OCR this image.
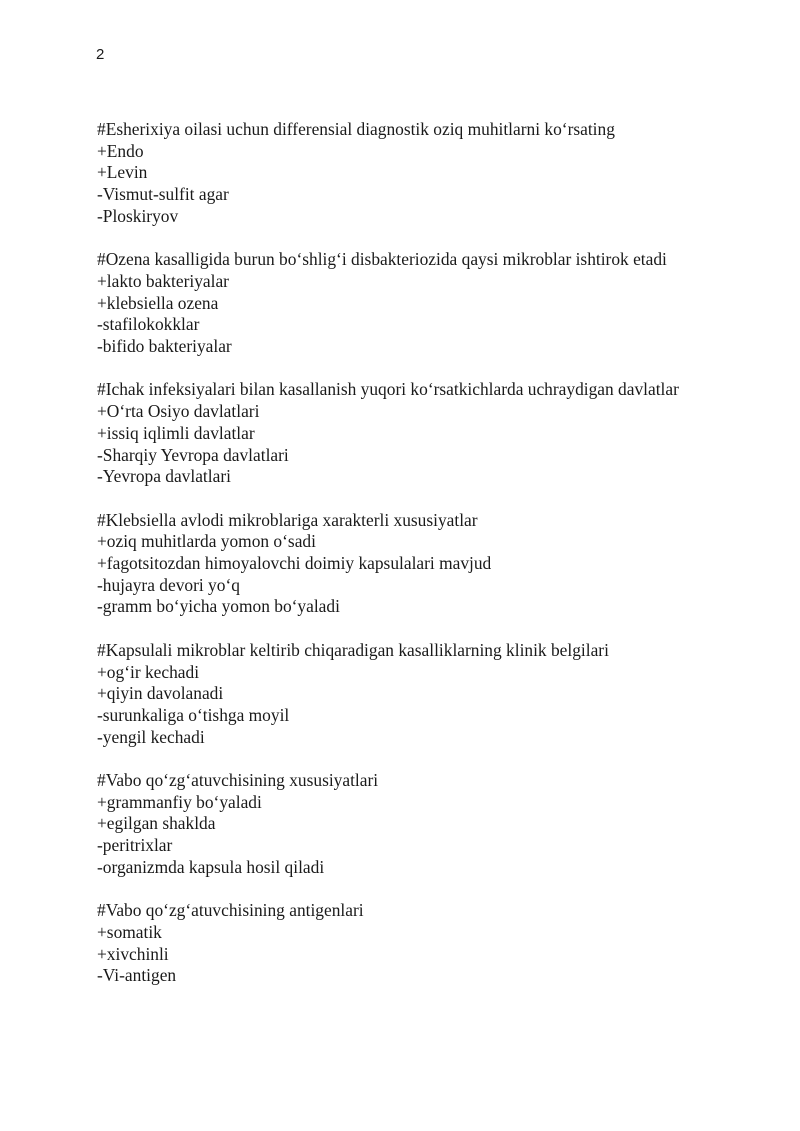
2
#Esherixiya oilasi uchun differensial diagnostik oziq muhitlarni ko‘rsating
+Endo
+Levin
-Vismut-sulfit agar
-Ploskiryov
#Ozena kasalligida burun bo‘shlig‘i disbakteriozida qaysi mikroblar ishtirok etadi
+lakto bakteriyalar
+klebsiella ozena
-stafilokokklar
-bifido bakteriyalar
#Ichak infeksiyalari bilan kasallanish yuqori ko‘rsatkichlarda uchraydigan davlatlar
+O‘rta Osiyo davlatlari
+issiq iqlimli davlatlar
-Sharqiy Yevropa davlatlari
-Yevropa davlatlari
#Klebsiella avlodi mikroblariga xarakterli xususiyatlar
+oziq muhitlarda yomon o‘sadi
+fagotsitozdan himoyalovchi doimiy kapsulalari mavjud
-hujayra devori yo‘q
-gramm bo‘yicha yomon bo‘yaladi
#Kapsulali mikroblar keltirib chiqaradigan kasalliklarning klinik belgilari
+og‘ir kechadi
+qiyin davolanadi
-surunkaliga o‘tishga moyil
-yengil kechadi
#Vabo qo‘zg‘atuvchisining xususiyatlari
+grammanfiy bo‘yaladi
+egilgan shaklda
-peritrixlar
-organizmda kapsula hosil qiladi
#Vabo qo‘zg‘atuvchisining antigenlari
+somatik
+xivchinli
-Vi-antigen
